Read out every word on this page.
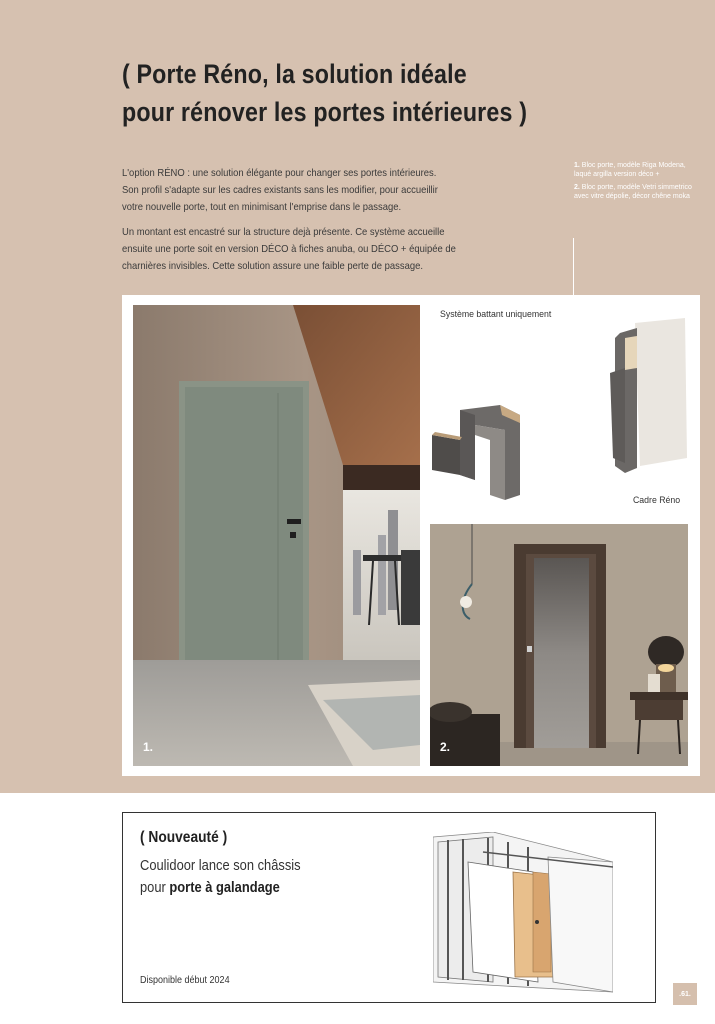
( Porte Réno, la solution idéale
pour rénover les portes intérieures )

L'option RÉNO : une solution élégante pour changer ses portes intérieures.
Son profil s'adapte sur les cadres existants sans les modifier, pour accueillir
votre nouvelle porte, tout en minimisant l'emprise dans le passage.

Un montant est encastré sur la structure dejà présente. Ce système accueille
ensuite une porte soit en version DÉCO à fiches anuba, ou DÉCO + équipée de
charnières invisibles. Cette solution assure une faible perte de passage.

1. Bloc porte, modèle Riga Modena, laqué argilla version déco +
2. Bloc porte, modèle Vetri simmetrico avec vitre dépolie, décor chêne moka
1.
Système battant uniquement
Cadre Réno
2.
( Nouveauté )
Coulidoor lance son châssis
pour porte à galandage
Disponible début 2024
.61.
